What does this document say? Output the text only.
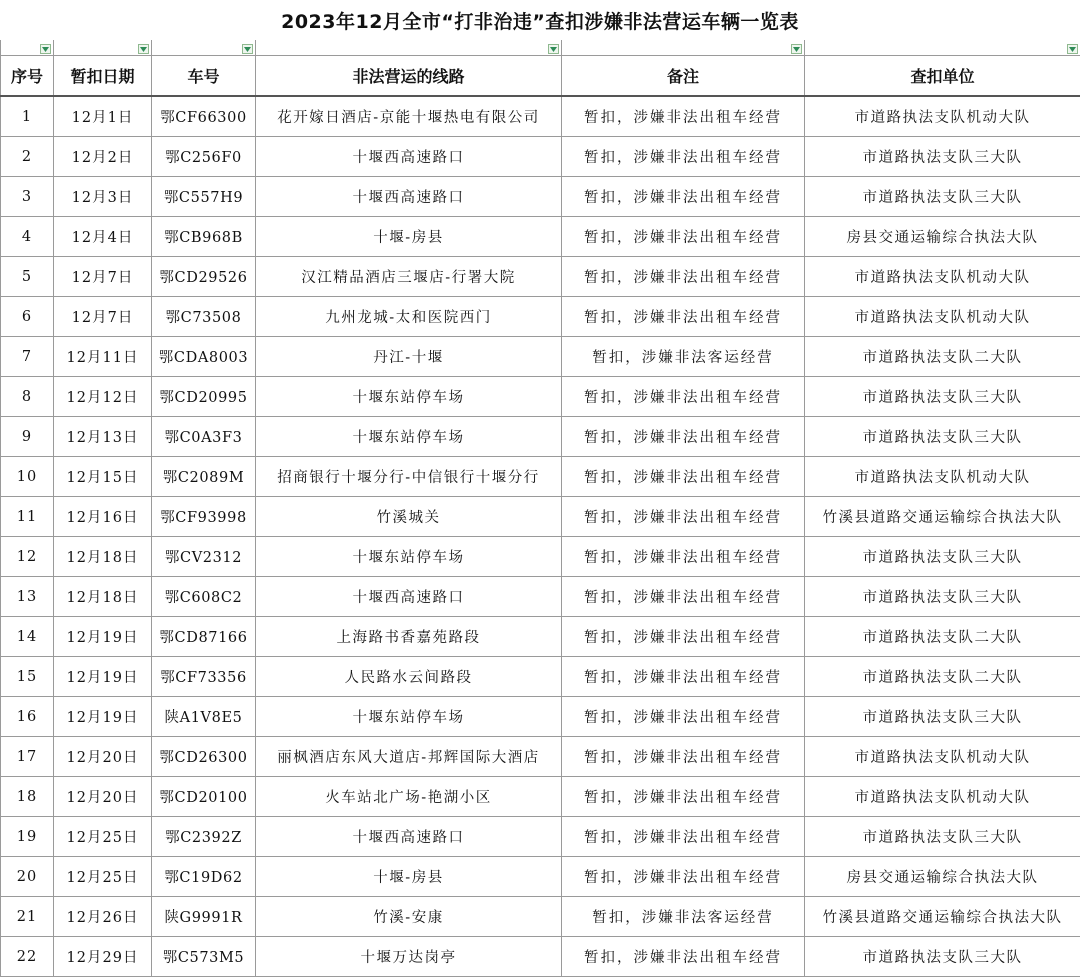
2023年12月全市“打非治违”查扣涉嫌非法营运车辆一览表

序号	暂扣日期	车号	非法营运的线路	备注	查扣单位
1	12月1日	鄂CF66300	花开嫁日酒店-京能十堰热电有限公司	暂扣，涉嫌非法出租车经营	市道路执法支队机动大队
2	12月2日	鄂C256F0	十堰西高速路口	暂扣，涉嫌非法出租车经营	市道路执法支队三大队
3	12月3日	鄂C557H9	十堰西高速路口	暂扣，涉嫌非法出租车经营	市道路执法支队三大队
4	12月4日	鄂CB968B	十堰-房县	暂扣，涉嫌非法出租车经营	房县交通运输综合执法大队
5	12月7日	鄂CD29526	汉江精品酒店三堰店-行署大院	暂扣，涉嫌非法出租车经营	市道路执法支队机动大队
6	12月7日	鄂C73508	九州龙城-太和医院西门	暂扣，涉嫌非法出租车经营	市道路执法支队机动大队
7	12月11日	鄂CDA8003	丹江-十堰	暂扣，涉嫌非法客运经营	市道路执法支队二大队
8	12月12日	鄂CD20995	十堰东站停车场	暂扣，涉嫌非法出租车经营	市道路执法支队三大队
9	12月13日	鄂C0A3F3	十堰东站停车场	暂扣，涉嫌非法出租车经营	市道路执法支队三大队
10	12月15日	鄂C2089M	招商银行十堰分行-中信银行十堰分行	暂扣，涉嫌非法出租车经营	市道路执法支队机动大队
11	12月16日	鄂CF93998	竹溪城关	暂扣，涉嫌非法出租车经营	竹溪县道路交通运输综合执法大队
12	12月18日	鄂CV2312	十堰东站停车场	暂扣，涉嫌非法出租车经营	市道路执法支队三大队
13	12月18日	鄂C608C2	十堰西高速路口	暂扣，涉嫌非法出租车经营	市道路执法支队三大队
14	12月19日	鄂CD87166	上海路书香嘉苑路段	暂扣，涉嫌非法出租车经营	市道路执法支队二大队
15	12月19日	鄂CF73356	人民路水云间路段	暂扣，涉嫌非法出租车经营	市道路执法支队二大队
16	12月19日	陕A1V8E5	十堰东站停车场	暂扣，涉嫌非法出租车经营	市道路执法支队三大队
17	12月20日	鄂CD26300	丽枫酒店东风大道店-邦辉国际大酒店	暂扣，涉嫌非法出租车经营	市道路执法支队机动大队
18	12月20日	鄂CD20100	火车站北广场-艳湖小区	暂扣，涉嫌非法出租车经营	市道路执法支队机动大队
19	12月25日	鄂C2392Z	十堰西高速路口	暂扣，涉嫌非法出租车经营	市道路执法支队三大队
20	12月25日	鄂C19D62	十堰-房县	暂扣，涉嫌非法出租车经营	房县交通运输综合执法大队
21	12月26日	陕G9991R	竹溪-安康	暂扣，涉嫌非法客运经营	竹溪县道路交通运输综合执法大队
22	12月29日	鄂C573M5	十堰万达岗亭	暂扣，涉嫌非法出租车经营	市道路执法支队三大队
